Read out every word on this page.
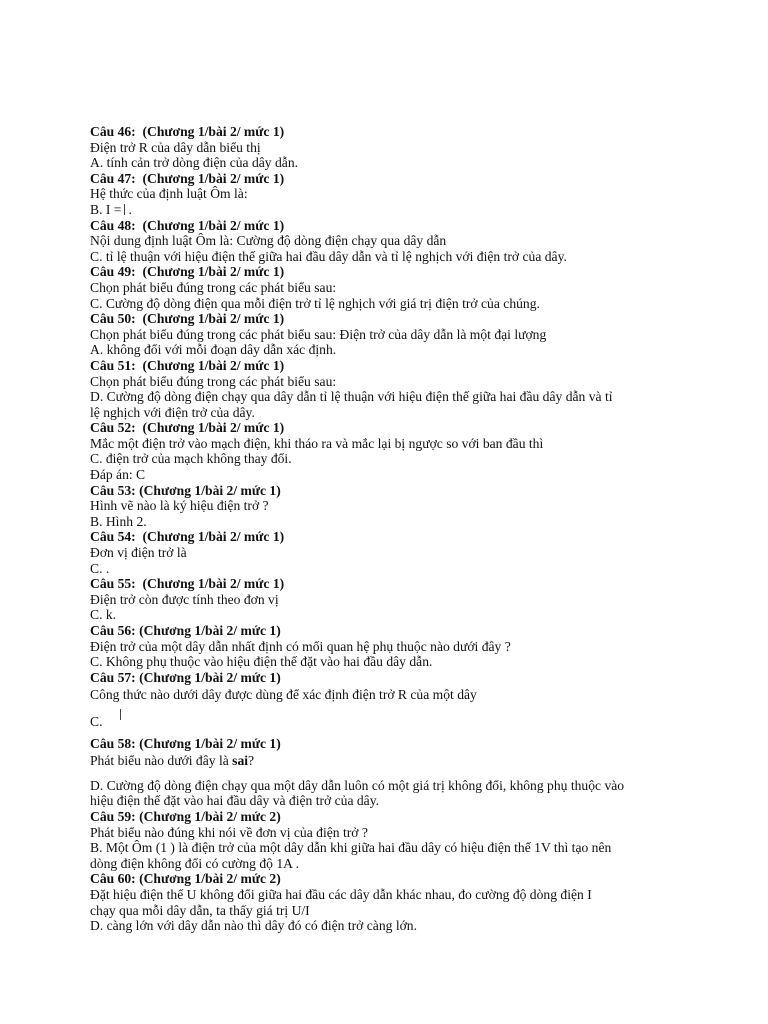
Câu 46:  (Chương 1/bài 2/ mức 1)
Điện trở R của dây dẫn biểu thị
A. tính cản trở dòng điện của dây dẫn.
Câu 47:  (Chương 1/bài 2/ mức 1)
Hệ thức của định luật Ôm là:
B. I = .
Câu 48:  (Chương 1/bài 2/ mức 1)
Nội dung định luật Ôm là: Cường độ dòng điện chạy qua dây dẫn
C. tỉ lệ thuận với hiệu điện thế giữa hai đầu dây dẫn và tỉ lệ nghịch với điện trở của dây.
Câu 49:  (Chương 1/bài 2/ mức 1)
Chọn phát biểu đúng trong các phát biểu sau:
C. Cường độ dòng điện qua mỗi điện trở tỉ lệ nghịch với giá trị điện trở của chúng.
Câu 50:  (Chương 1/bài 2/ mức 1)
Chọn phát biểu đúng trong các phát biểu sau: Điện trở của dây dẫn là một đại lượng
A. không đổi với mỗi đoạn dây dẫn xác định.
Câu 51:  (Chương 1/bài 2/ mức 1)
Chọn phát biểu đúng trong các phát biểu sau:
D. Cường độ dòng điện chạy qua dây dẫn tỉ lệ thuận với hiệu điện thế giữa hai đầu dây dẫn và tỉ
lệ nghịch với điện trở của dây.
Câu 52:  (Chương 1/bài 2/ mức 1)
Mắc một điện trở vào mạch điện, khi tháo ra và mắc lại bị ngược so với ban đầu thì
C. điện trở của mạch không thay đổi.
Đáp án: C
Câu 53: (Chương 1/bài 2/ mức 1)
Hình vẽ nào là ký hiệu điện trở ?
B. Hình 2.
Câu 54:  (Chương 1/bài 2/ mức 1)
Đơn vị điện trở là
C. .
Câu 55:  (Chương 1/bài 2/ mức 1)
Điện trở còn được tính theo đơn vị
C. k.
Câu 56: (Chương 1/bài 2/ mức 1)
Điện trở của một dây dẫn nhất định có mối quan hệ phụ thuộc nào dưới đây ?
C. Không phụ thuộc vào hiệu điện thế đặt vào hai đầu dây dẫn.
Câu 57: (Chương 1/bài 2/ mức 1)
Công thức nào dưới dây được dùng để xác định điện trở R của một dây
C.
Câu 58: (Chương 1/bài 2/ mức 1)
Phát biểu nào dưới đây là sai?
D. Cường độ dòng điện chạy qua một dây dẫn luôn có một giá trị không đổi, không phụ thuộc vào
hiệu điện thế đặt vào hai đầu dây và điện trở của dây.
Câu 59: (Chương 1/bài 2/ mức 2)
Phát biểu nào đúng khi nói về đơn vị của điện trở ?
B. Một Ôm (1 ) là điện trở của một dây dẫn khi giữa hai đầu dây có hiệu điện thế 1V thì tạo nên
dòng điện không đổi có cường độ 1A .
Câu 60: (Chương 1/bài 2/ mức 2)
Đặt hiệu điện thế U không đổi giữa hai đầu các dây dẫn khác nhau, đo cường độ dòng điện I
chạy qua mỗi dây dẫn, ta thấy giá trị U/I
D. càng lớn với dây dẫn nào thì dây đó có điện trở càng lớn.
